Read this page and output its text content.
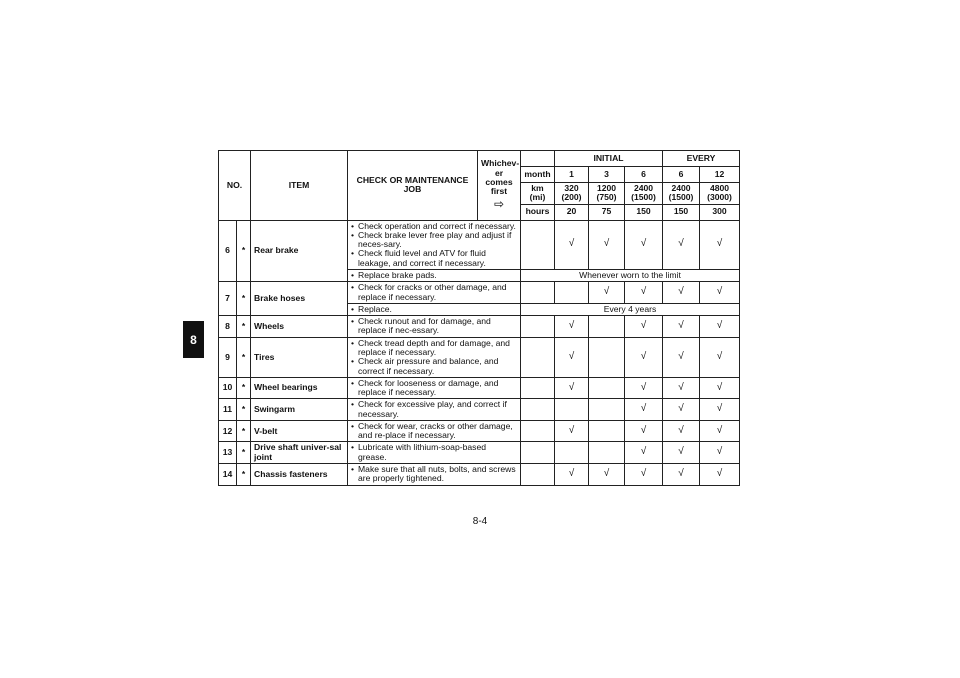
8
NO.		ITEM	CHECK OR MAINTENANCE JOB	Whichev-er comes first
⇨		INITIAL			EVERY	
					month	1	3	6	6	12
					km (mi)	320 (200)	1200 (750)	2400 (1500)	2400 (1500)	4800 (3000)
					hours	20	75	150	150	300
6	*	Rear brake	• Check operation and correct if necessary.
• Check brake lever free play and adjust if neces-sary.
• Check fluid level and ATV for fluid leakage, and correct if necessary.			√	√	√	√	√

			• Replace brake pads.		Whenever worn to the limit					
7	*	Brake hoses	• Check for cracks or other damage, and replace if necessary.				√	√	√	√

			• Replace.		Every 4 years					
8	*	Wheels	• Check runout and for damage, and replace if nec-essary.			√		√	√	√
9	*	Tires	• Check tread depth and for damage, and replace if necessary.
• Check air pressure and balance, and correct if necessary.			√		√	√	√
10	*	Wheel bearings	• Check for looseness or damage, and replace if necessary.			√		√	√	√
11	*	Swingarm	• Check for excessive play, and correct if necessary.					√	√	√
12	*	V-belt	• Check for wear, cracks or other damage, and re-place if necessary.			√		√	√	√
13	*	Drive shaft univer-sal joint	• Lubricate with lithium-soap-based grease.					√	√	√
14	*	Chassis fasteners	• Make sure that all nuts, bolts, and screws are properly tightened.			√	√	√	√	√
8-4
